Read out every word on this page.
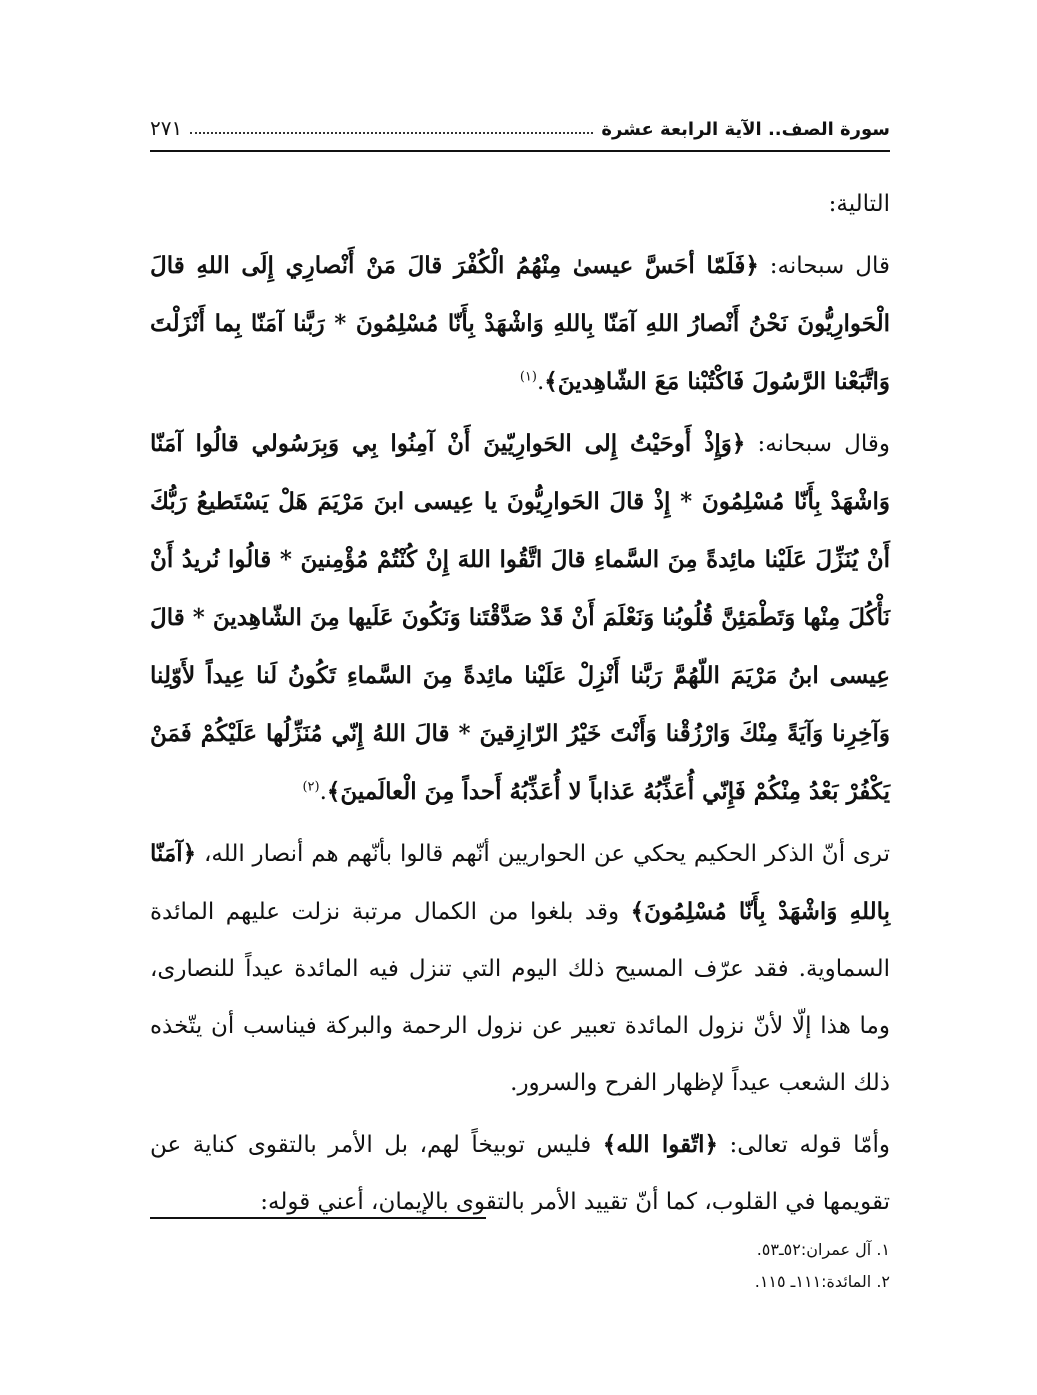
سورة الصف.. الآية الرابعة عشرة
٢٧١

التالية:

قال سبحانه: ﴿فَلَمّا أحَسَّ عيسىٰ مِنْهُمُ الْكُفْرَ قالَ مَنْ أَنْصارِي إِلَى اللهِ قالَ الْحَوارِيُّونَ نَحْنُ أَنْصارُ اللهِ آمَنّا بِاللهِ وَاشْهَدْ بِأَنّا مُسْلِمُونَ * رَبَّنا آمَنّا بِما أَنْزَلْتَ وَاتَّبَعْنا الرَّسُولَ فَاكْتُبْنا مَعَ الشّاهِدينَ﴾.$^{(١)}$

وقال سبحانه: ﴿وَإِذْ أَوحَيْتُ إِلى الحَوارِيّينَ أَنْ آمِنُوا بِي وَبِرَسُولي قالُوا آمَنّا وَاشْهَدْ بِأَنّا مُسْلِمُونَ * إِذْ قالَ الحَوارِيُّونَ يا عِيسى ابنَ مَرْيَمَ هَلْ يَسْتَطيعُ رَبُّكَ أَنْ يُنَزِّلَ عَلَيْنا مائِدةً مِنَ السَّماءِ قالَ اتَّقُوا اللهَ إِنْ كُنْتُمْ مُؤْمِنينَ * قالُوا نُريدُ أَنْ نَأْكُلَ مِنْها وَتَطْمَئِنَّ قُلُوبُنا وَنَعْلَمَ أَنْ قَدْ صَدَّقْتَنا وَنَكُونَ عَلَيها مِنَ الشّاهِدينَ * قالَ عِيسى ابنُ مَرْيَمَ اللّهُمَّ رَبَّنا أَنْزِلْ عَلَيْنا مائِدةً مِنَ السَّماءِ تَكُونُ لَنا عِيداً لأَوّلِنا وَآخِرِنا وَآيَةً مِنْكَ وَارْزُقْنا وَأَنْتَ خَيْرُ الرّازِقينَ * قالَ اللهُ إِنّي مُنَزِّلُها عَلَيْكُمْ فَمَنْ يَكْفُرْ بَعْدُ مِنْكُمْ فَإِنّي أُعَذِّبُهُ عَذاباً لا أُعَذِّبُهُ أَحداً مِنَ الْعالَمينَ﴾.$^{(٢)}$

ترى أنّ الذكر الحكيم يحكي عن الحواريين أنّهم قالوا بأنّهم هم أنصار الله، ﴿آمَنّا بِاللهِ وَاشْهَدْ بِأَنّا مُسْلِمُونَ﴾ وقد بلغوا من الكمال مرتبة نزلت عليهم المائدة السماوية. فقد عرّف المسيح ذلك اليوم التي تنزل فيه المائدة عيداً للنصارى، وما هذا إلّا لأنّ نزول المائدة تعبير عن نزول الرحمة والبركة فيناسب أن يتّخذه ذلك الشعب عيداً لإظهار الفرح والسرور.

وأمّا قوله تعالى: ﴿اتّقوا الله﴾ فليس توبيخاً لهم، بل الأمر بالتقوى كناية عن تقويمها في القلوب، كما أنّ تقييد الأمر بالتقوى بالإيمان، أعني قوله:

١. آل عمران:٥٢ـ٥٣.
٢. المائدة:١١١ـ ١١٥.
